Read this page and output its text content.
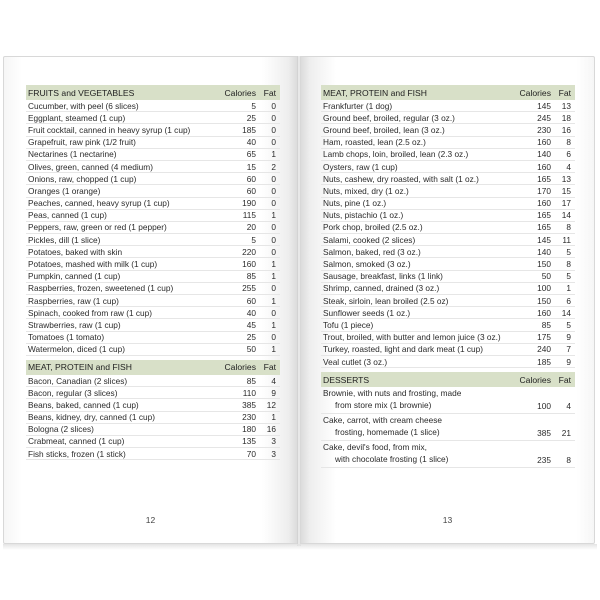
FRUITS and VEGETABLES	Calories Fat
Cucumber, with peel (6 slices)	5	0
Eggplant, steamed (1 cup)	25	0
Fruit cocktail, canned in heavy syrup (1 cup)	185	0
Grapefruit, raw pink (1/2 fruit)	40	0
Nectarines (1 nectarine)	65	1
Olives, green, canned (4 medium)	15	2
Onions, raw, chopped (1 cup)	60	0
Oranges (1 orange)	60	0
Peaches, canned, heavy syrup (1 cup)	190	0
Peas, canned (1 cup)	115	1
Peppers, raw, green or red (1 pepper)	20	0
Pickles, dill (1 slice)	5	0
Potatoes, baked with skin	220	0
Potatoes, mashed with milk (1 cup)	160	1
Pumpkin, canned (1 cup)	85	1
Raspberries, frozen, sweetened (1 cup)	255	0
Raspberries, raw (1 cup)	60	1
Spinach, cooked from raw (1 cup)	40	0
Strawberries, raw (1 cup)	45	1
Tomatoes (1 tomato)	25	0
Watermelon, diced (1 cup)	50	1
MEAT, PROTEIN and FISH	Calories Fat
Bacon, Canadian (2 slices)	85	4
Bacon, regular (3 slices)	110	9
Beans, baked, canned (1 cup)	385	12
Beans, kidney, dry, canned (1 cup)	230	1
Bologna (2 slices)	180	16
Crabmeat, canned (1 cup)	135	3
Fish sticks, frozen (1 stick)	70	3
12
MEAT, PROTEIN and FISH	Calories Fat
Frankfurter (1 dog)	145	13
Ground beef, broiled, regular (3 oz.)	245	18
Ground beef, broiled, lean (3 oz.)	230	16
Ham, roasted, lean (2.5 oz.)	160	8
Lamb chops, loin, broiled, lean (2.3 oz.)	140	6
Oysters, raw (1 cup)	160	4
Nuts, cashew, dry roasted, with salt (1 oz.)	165	13
Nuts, mixed, dry (1 oz.)	170	15
Nuts, pine (1 oz.)	160	17
Nuts, pistachio (1 oz.)	165	14
Pork chop, broiled (2.5 oz.)	165	8
Salami, cooked (2 slices)	145	11
Salmon, baked, red (3 oz.)	140	5
Salmon, smoked (3 oz.)	150	8
Sausage, breakfast, links (1 link)	50	5
Shrimp, canned, drained (3 oz.)	100	1
Steak, sirloin, lean broiled (2.5 oz)	150	6
Sunflower seeds (1 oz.)	160	14
Tofu (1 piece)	85	5
Trout, broiled, with butter and lemon juice (3 oz.)	175	9
Turkey, roasted, light and dark meat (1 cup)	240	7
Veal cutlet (3 oz.)	185	9
DESSERTS	Calories Fat
Brownie, with nuts and frosting, made
from store mix (1 brownie)	100	4
Cake, carrot, with cream cheese
frosting, homemade (1 slice)	385	21
Cake, devil's food, from mix,
with chocolate frosting (1 slice)	235	8
13
